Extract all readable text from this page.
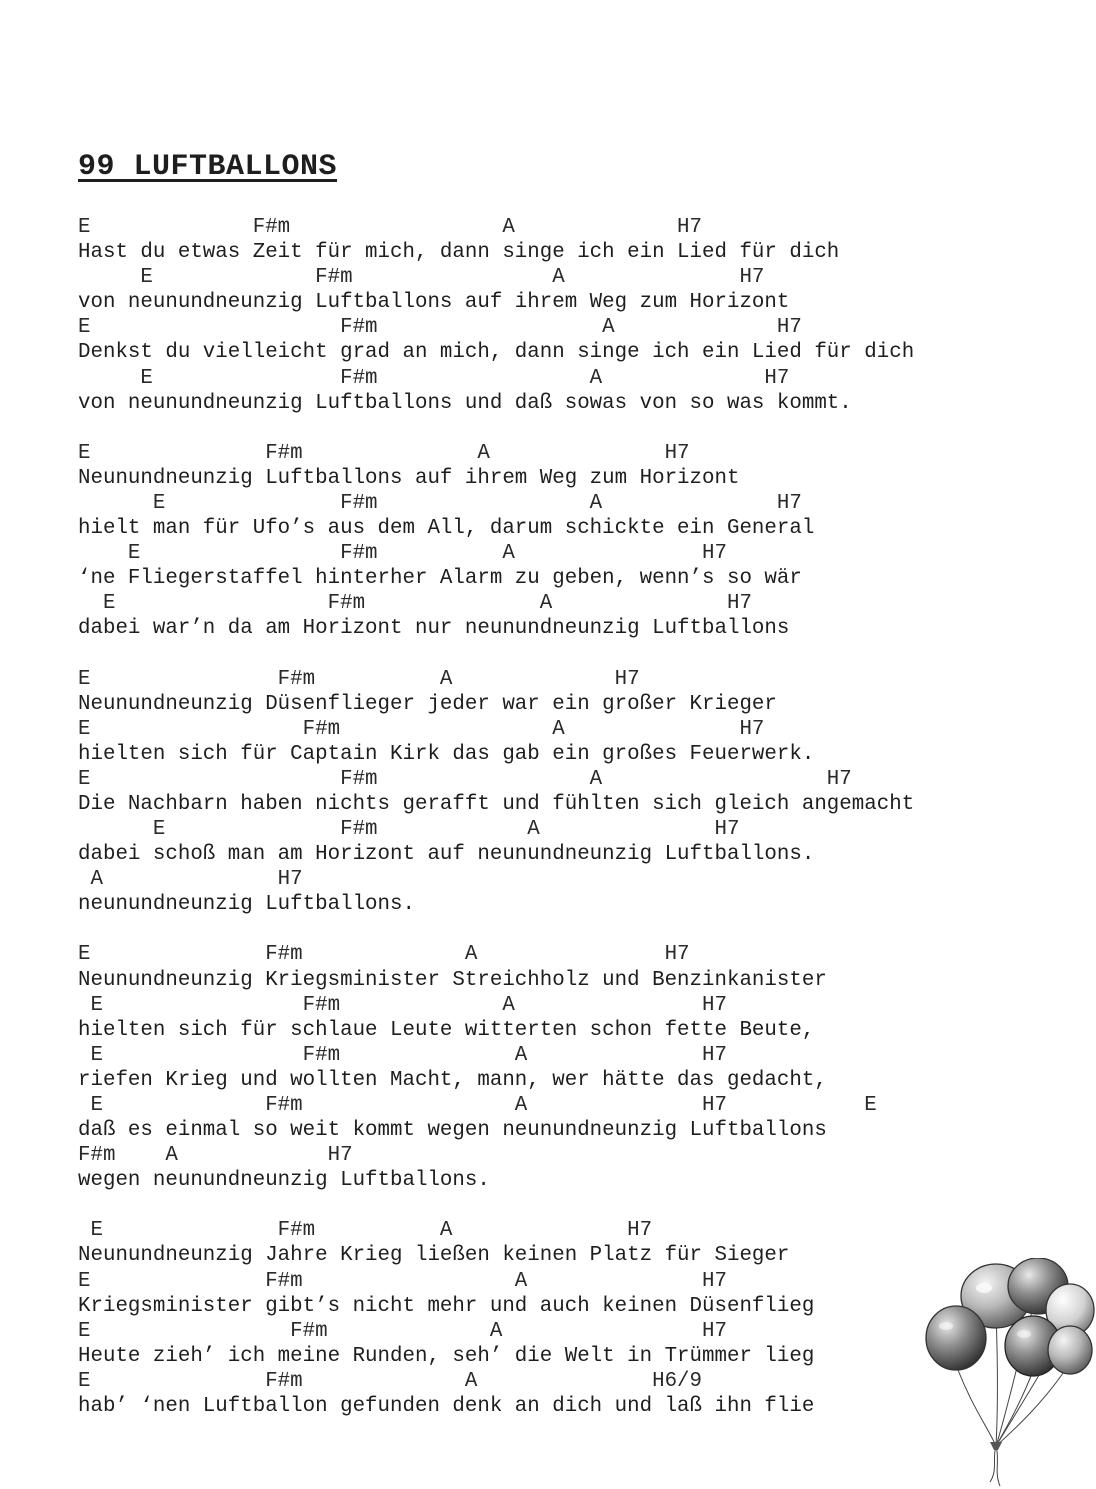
99 LUFTBALLONS
E             F#m                 A             H7
Hast du etwas Zeit für mich, dann singe ich ein Lied für dich
E             F#m                A              H7
von neunundneunzig Luftballons auf ihrem Weg zum Horizont
E                    F#m                  A             H7
Denkst du vielleicht grad an mich, dann singe ich ein Lied für dich
E               F#m                 A             H7
von neunundneunzig Luftballons und daß sowas von so was kommt.
E              F#m              A              H7
Neunundneunzig Luftballons auf ihrem Weg zum Horizont
E              F#m                 A              H7
hielt man für Ufo’s aus dem All, darum schickte ein General
E                F#m          A               H7
‘ne Fliegerstaffel hinterher Alarm zu geben, wenn’s so wär
E                 F#m              A              H7
dabei war’n da am Horizont nur neunundneunzig Luftballons
E               F#m          A             H7
Neunundneunzig Düsenflieger jeder war ein großer Krieger
E                 F#m                 A              H7
hielten sich für Captain Kirk das gab ein großes Feuerwerk.
E                    F#m                 A                  H7
Die Nachbarn haben nichts gerafft und fühlten sich gleich angemacht
E              F#m            A              H7
dabei schoß man am Horizont auf neunundneunzig Luftballons.
A              H7
neunundneunzig Luftballons.
E              F#m             A               H7
Neunundneunzig Kriegsminister Streichholz und Benzinkanister
E                F#m             A               H7
hielten sich für schlaue Leute witterten schon fette Beute,
E                F#m              A              H7
riefen Krieg und wollten Macht, mann, wer hätte das gedacht,
E             F#m                 A              H7           E
daß es einmal so weit kommt wegen neunundneunzig Luftballons
F#m    A            H7
wegen neunundneunzig Luftballons.
E              F#m          A              H7
Neunundneunzig Jahre Krieg ließen keinen Platz für Sieger
E              F#m                 A              H7
Kriegsminister gibt’s nicht mehr und auch keinen Düsenflieg
E                F#m             A                H7
Heute zieh’ ich meine Runden, seh’ die Welt in Trümmer lieg
E              F#m             A              H6/9
hab’ ‘nen Luftballon gefunden denk an dich und laß ihn flie
